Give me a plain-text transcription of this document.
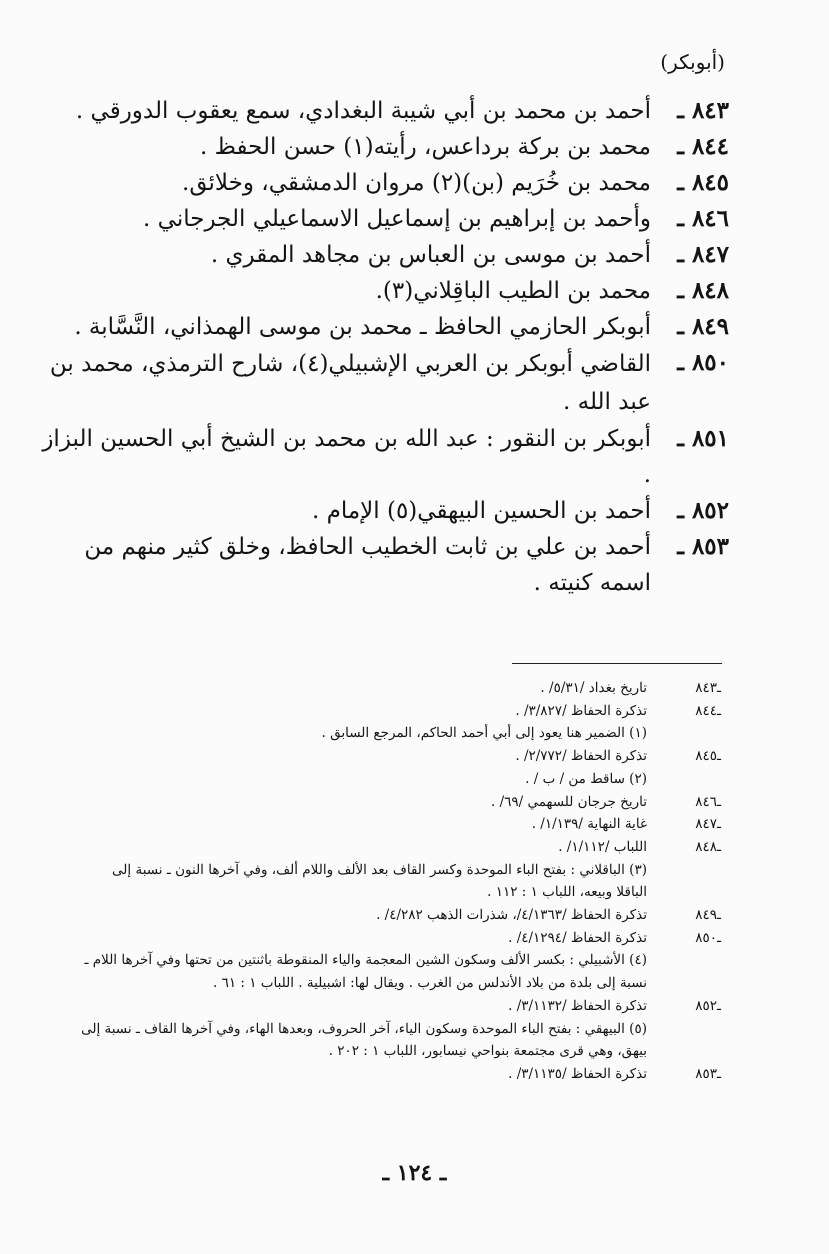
(أبوبكر)
٨٤٣ ـ
أحمد بن محمد بن أبي شيبة البغدادي، سمع يعقوب الدورقي .
٨٤٤ ـ
محمد بن بركة برداعس، رأيته(١) حسن الحفظ .
٨٤٥ ـ
محمد بن خُرَيم (بن)(٢) مروان الدمشقي، وخلائق.
٨٤٦ ـ
وأحمد بن إبراهيم بن إسماعيل الاسماعيلي الجرجاني .
٨٤٧ ـ
أحمد بن موسى بن العباس بن مجاهد المقري .
٨٤٨ ـ
محمد بن الطيب الباقِلاني(٣).
٨٤٩ ـ
أبوبكر الحازمي الحافظ ـ محمد بن موسى الهمذاني، النَّسَّابة .
٨٥٠ ـ
القاضي أبوبكر بن العربي الإشبيلي(٤)، شارح الترمذي، محمد بن عبد الله .
٨٥١ ـ
أبوبكر بن النقور : عبد الله بن محمد بن الشيخ أبي الحسين البزاز .
٨٥٢ ـ
أحمد بن الحسين البيهقي(٥) الإمام .
٨٥٣ ـ
أحمد بن علي بن ثابت الخطيب الحافظ، وخلق كثير منهم من اسمه كنيته .
ـ٨٤٣
تاريخ بغداد /٥/٣١/ .
ـ٨٤٤
تذكرة الحفاظ /٣/٨٢٧/ .
(١) الضمير هنا يعود إلى أبي أحمد الحاكم، المرجع السابق .
ـ٨٤٥
تذكرة الحفاظ /٢/٧٧٢/ .
(٢) ساقط من / ب / .
ـ٨٤٦
تاريخ جرجان للسهمي /٦٩/ .
ـ٨٤٧
غاية النهاية /١/١٣٩/ .
ـ٨٤٨
اللباب /١/١١٢/ .
(٣) الباقلاني : بفتح الباء الموحدة وكسر القاف بعد الألف واللام ألف، وفي آخرها النون ـ نسبة إلى الباقلا وبيعه، اللباب ١ : ١١٢ .
ـ٨٤٩
تذكرة الحفاظ /٤/١٣٦٣/، شذرات الذهب ٤/٢٨٢/ .
ـ٨٥٠
تذكرة الحفاظ /٤/١٢٩٤/ .
(٤) الأشبيلي : بكسر الألف وسكون الشين المعجمة والياء المنقوطة باثنتين من تحتها وفي آخرها اللام ـ نسبة إلى بلدة من بلاد الأندلس من الغرب . ويقال لها: اشبيلية . اللباب ١ : ٦١ .
ـ٨٥٢
تذكرة الحفاظ /٣/١١٣٢/ .
(٥) البيهقي : بفتح الباء الموحدة وسكون الياء، آخر الحروف، وبعدها الهاء، وفي آخرها القاف ـ نسبة إلى بيهق، وهي قرى مجتمعة بنواحي نيسابور، اللباب ١ : ٢٠٢ .
ـ٨٥٣
تذكرة الحفاظ /٣/١١٣٥/ .
ـ ١٢٤ ـ
